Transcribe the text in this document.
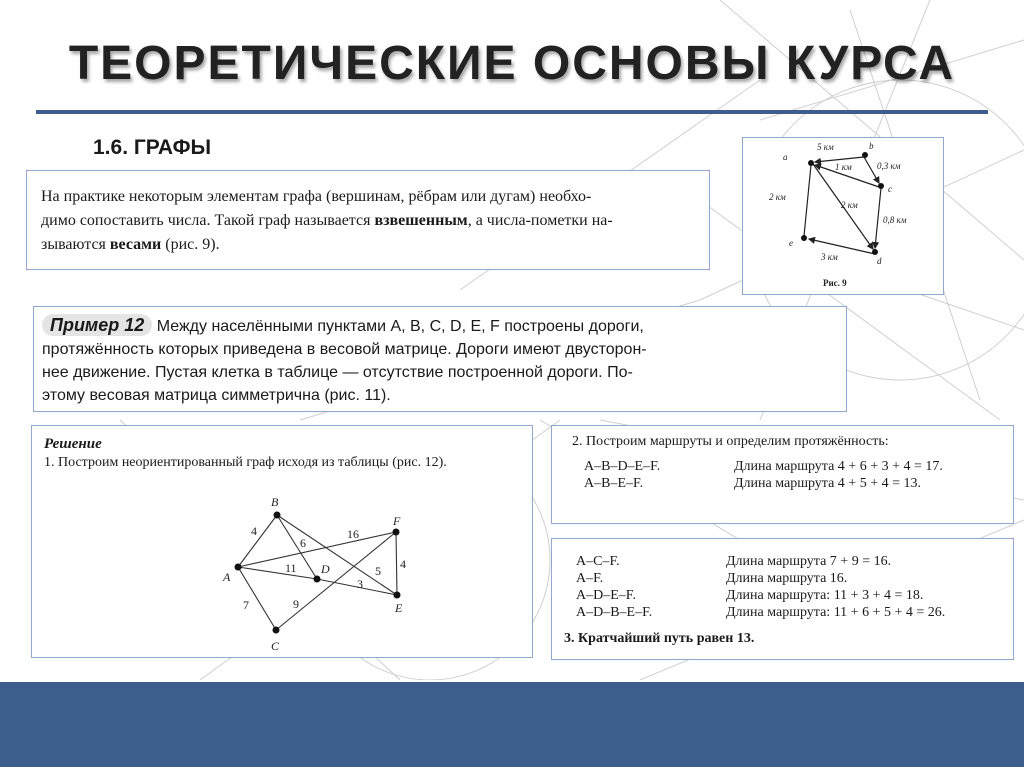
ТЕОРЕТИЧЕСКИЕ ОСНОВЫ КУРСА
1.6. ГРАФЫ
На практике некоторым элементам графа (вершинам, рёбрам или дугам) необхо-
димо сопоставить числа. Такой граф называется взвешенным, а числа-пометки на-
зываются весами (рис. 9).
a
b
c
d
e
5 км
1 км	0,3 км
2 км
2 км
0,8 км
3 км
Рис. 9
Пример 12 Между населёнными пунктами A, B, C, D, E, F построены дороги,
протяжённость которых приведена в весовой матрице. Дороги имеют двусторон-
нее движение. Пустая клетка в таблице — отсутствие построенной дороги. По-
этому весовая матрица симметрична (рис. 11).
Решение
1. Построим неориентированный граф исходя из таблицы (рис. 12).
A
B
C
D
E
F
4
6
16
11
3
5 4
7	9
2. Построим маршруты и определим протяжённость:
A–B–D–E–F.	Длина маршрута 4 + 6 + 3 + 4 = 17.
A–B–E–F.	Длина маршрута 4 + 5 + 4 = 13.
A–C–F.	Длина маршрута 7 + 9 = 16.
A–F.	Длина маршрута 16.
A–D–E–F.	Длина маршрута: 11 + 3 + 4 = 18.
A–D–B–E–F.	Длина маршрута: 11 + 6 + 5 + 4 = 26.
3. Кратчайший путь равен 13.
